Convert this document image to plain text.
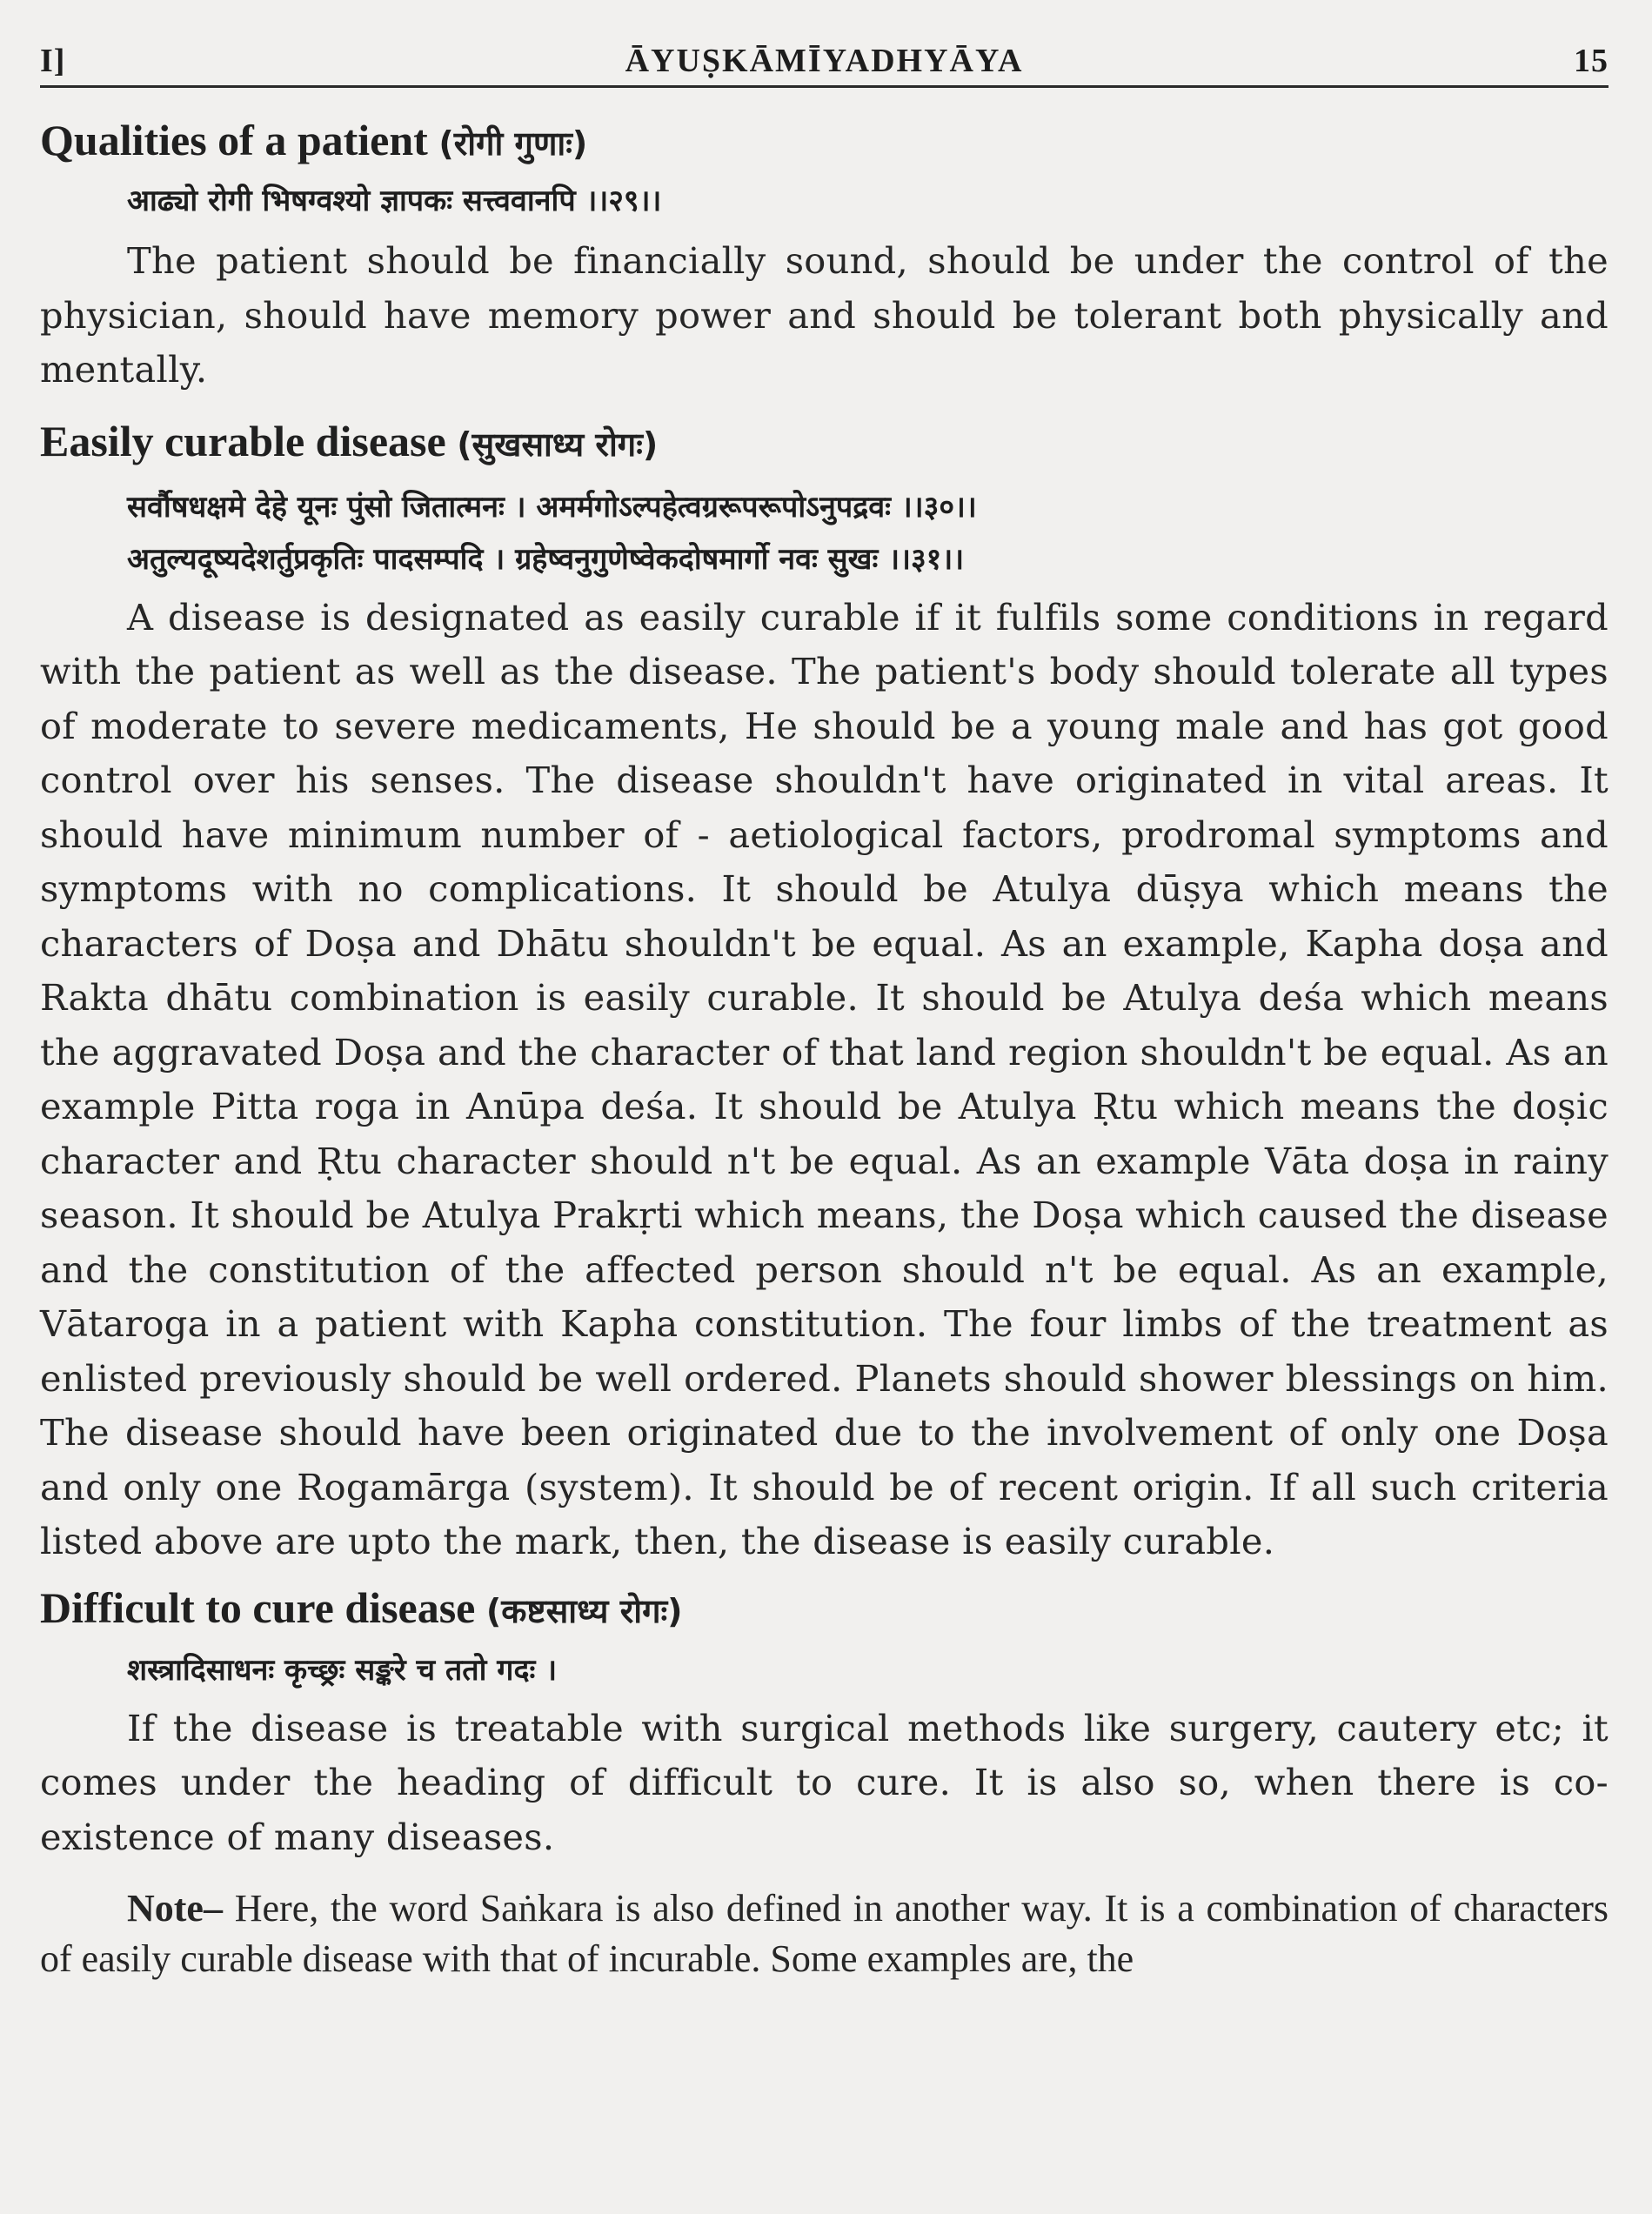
I]	ĀYUṢKĀMĪYADHYĀYA	15
Qualities of a patient (रोगी गुणाः)
आढ्यो रोगी भिषग्वश्यो ज्ञापकः सत्त्ववानपि ।।२९।।

The patient should be financially sound, should be under the control of the physician, should have memory power and should be tolerant both physically and mentally.

Easily curable disease (सुखसाध्य रोगः)
सर्वौषधक्षमे देहे यूनः पुंसो जितात्मनः । अमर्मगोऽल्पहेत्वग्ररूपरूपोऽनुपद्रवः ।।३०।।
अतुल्यदूष्यदेशर्तुप्रकृतिः पादसम्पदि । ग्रहेष्वनुगुणेष्वेकदोषमार्गो नवः सुखः ।।३१।।

A disease is designated as easily curable if it fulfils some conditions in regard with the patient as well as the disease. The patient's body should tolerate all types of moderate to severe medicaments, He should be a young male and has got good control over his senses. The disease shouldn't have originated in vital areas. It should have minimum number of - aetiological factors, prodromal symptoms and symptoms with no complications. It should be Atulya dūṣya which means the characters of Doṣa and Dhātu shouldn't be equal. As an example, Kapha doṣa and Rakta dhātu combination is easily curable. It should be Atulya deśa which means the aggravated Doṣa and the character of that land region shouldn't be equal. As an example Pitta roga in Anūpa deśa. It should be Atulya Ṛtu which means the doṣic character and Ṛtu character should n't be equal. As an example Vāta doṣa in rainy season. It should be Atulya Prakṛti which means, the Doṣa which caused the disease and the constitution of the affected person should n't be equal. As an example, Vātaroga in a patient with Kapha constitution. The four limbs of the treatment as enlisted previously should be well ordered. Planets should shower blessings on him. The disease should have been originated due to the involvement of only one Doṣa and only one Rogamārga (system). It should be of recent origin. If all such criteria listed above are upto the mark, then, the disease is easily curable.

Difficult to cure disease (कष्टसाध्य रोगः)
शस्त्रादिसाधनः कृच्छ्रः सङ्करे च ततो गदः ।

If the disease is treatable with surgical methods like surgery, cautery etc; it comes under the heading of difficult to cure. It is also so, when there is co-existence of many diseases.

Note– Here, the word Saṅkara is also defined in another way. It is a combination of characters of easily curable disease with that of incurable. Some examples are, the
